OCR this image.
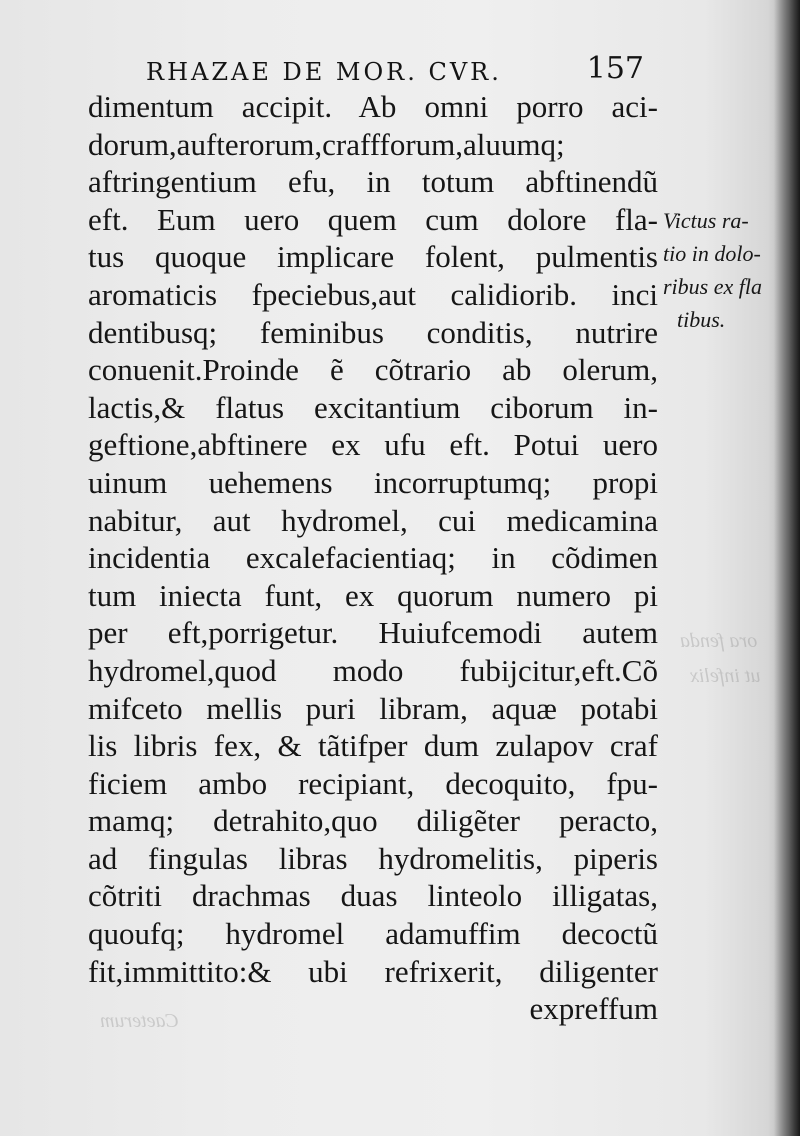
ora fenda
ut infelix
Caeterum
RHAZAE DE MOR. CVR.	157
dimentum accipit. Ab omni porro aci-
dorum,aufterorum,craffforum,aluumq;
aftringentium efu, in totum abftinendũ
eft. Eum uero quem cum dolore fla-
tus quoque implicare folent, pulmentis
aromaticis fpeciebus,aut calidiorib. inci
dentibusq; feminibus conditis, nutrire
conuenit.Proinde ẽ cõtrario ab olerum,
lactis,& flatus excitantium ciborum in-
geftione,abftinere ex ufu eft. Potui uero
uinum uehemens incorruptumq; propi
nabitur, aut hydromel, cui medicamina
incidentia excalefacientiaq; in cõdimen
tum iniecta funt, ex quorum numero pi
per eft,porrigetur. Huiufcemodi autem
hydromel,quod modo fubijcitur,eft.Cõ
mifceto mellis puri libram, aquæ potabi
lis libris fex, & tãtifper dum zulapov craf
ficiem ambo recipiant, decoquito, fpu-
mamq; detrahito,quo diligẽter peracto,
ad fingulas libras hydromelitis, piperis
cõtriti drachmas duas linteolo illigatas,
quoufq; hydromel adamuffim decoctũ
fit,immittito:& ubi refrixerit, diligenter
expreffum
Victus ra-
tio in dolo-
ribus ex fla
tibus.
